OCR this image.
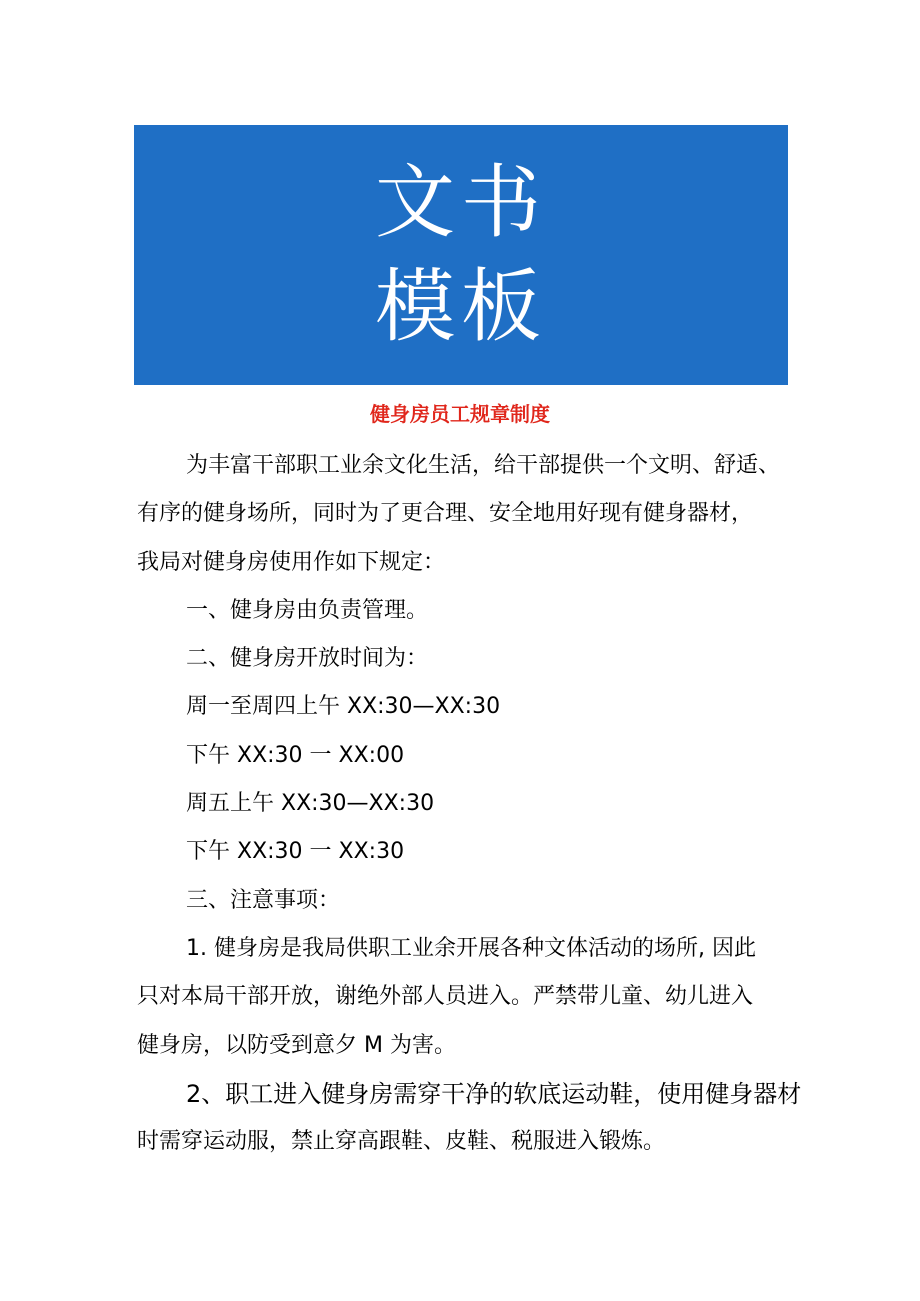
文书
模板
健身房员工规章制度

为丰富干部职工业余文化生活，给干部提供一个文明、舒适、

有序的健身场所，同时为了更合理、安全地用好现有健身器材，

我局对健身房使用作如下规定：

一、健身房由负责管理。

二、健身房开放时间为：

周一至周四上午 XX:30—XX:30

下午 XX:30 一 XX:00

周五上午 XX:30—XX:30

下午 XX:30 一 XX:30

三、注意事项：

1. 健身房是我局供职工业余开展各种文体活动的场所, 因此

只对本局干部开放，谢绝外部人员进入。严禁带儿童、幼儿进入

健身房，以防受到意夕 M 为害。

2、职工进入健身房需穿干净的软底运动鞋，使用健身器材

时需穿运动服，禁止穿高跟鞋、皮鞋、税服进入锻炼。
